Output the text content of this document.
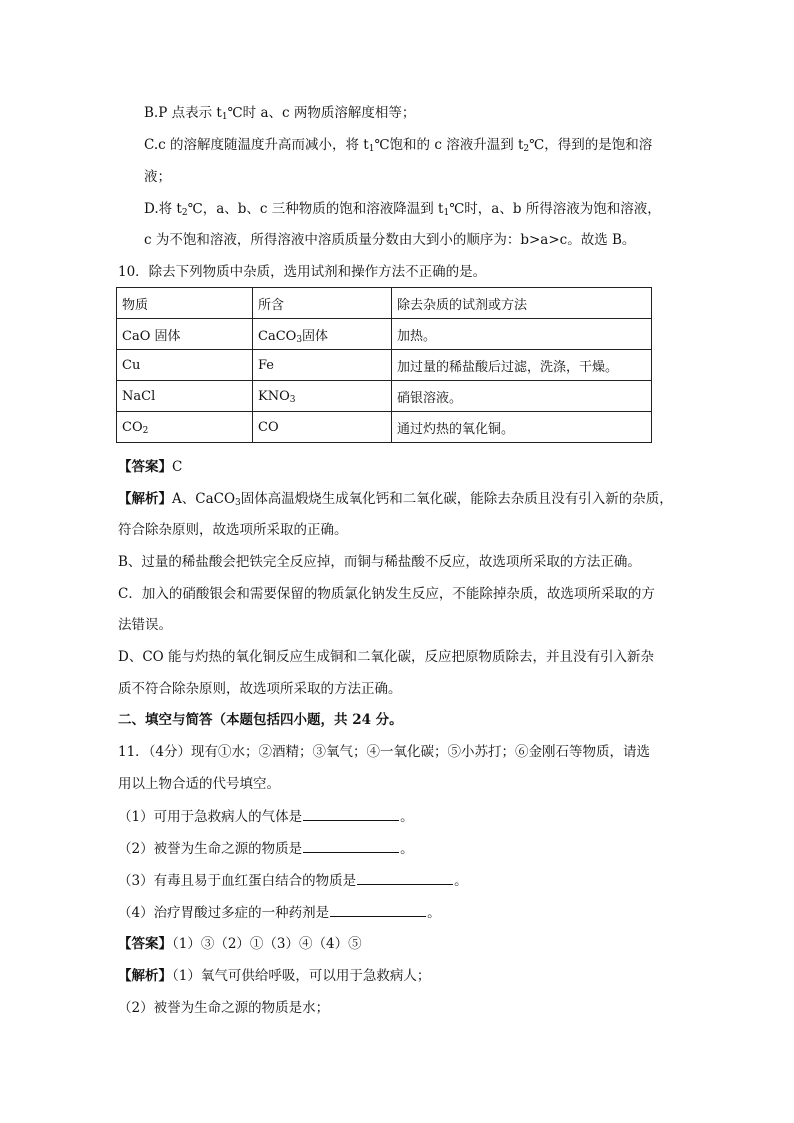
B.P 点表示 $t_1℃$时 a、c 两物质溶解度相等；
C.c 的溶解度随温度升高而减小，将 $t_1℃$饱和的 c 溶液升温到 $t_2℃$，得到的是饱和溶
液；
D.将 $t_2℃$，a、b、c 三种物质的饱和溶液降温到 $t_1℃$时，a、b 所得溶液为饱和溶液，
c 为不饱和溶液，所得溶液中溶质质量分数由大到小的顺序为：b>a>c。故选 B。
10．除去下列物质中杂质，选用试剂和操作方法不正确的是。
物质	所含	除去杂质的试剂或方法
CaO 固体	CaCO$_3$固体	加热。
Cu	Fe	加过量的稀盐酸后过滤，洗涤，干燥。
NaCl	$KNO_3$	硝银溶液。
$CO_2$	CO	通过灼热的氧化铜。
【答案】C
【解析】A、CaCO$_3$固体高温煅烧生成氧化钙和二氧化碳，能除去杂质且没有引入新的杂质，
符合除杂原则，故选项所采取的正确。
B、过量的稀盐酸会把铁完全反应掉，而铜与稀盐酸不反应，故选项所采取的方法正确。
C．加入的硝酸银会和需要保留的物质氯化钠发生反应，不能除掉杂质，故选项所采取的方
法错误。
D、CO 能与灼热的氧化铜反应生成铜和二氧化碳，反应把原物质除去，并且没有引入新杂
质不符合除杂原则，故选项所采取的方法正确。
二、填空与简答（本题包括四小题，共 24 分。
11．（4分）现有①水；②酒精；③氧气；④一氧化碳；⑤小苏打；⑥金刚石等物质，请选
用以上物合适的代号填空。
（1）可用于急救病人的气体是	。
（2）被誉为生命之源的物质是	。
（3）有毒且易于血红蛋白结合的物质是	。
（4）治疗胃酸过多症的一种药剂是	。
【答案】（1）③（2）①（3）④（4）⑤
【解析】（1）氧气可供给呼吸，可以用于急救病人；
（2）被誉为生命之源的物质是水；
